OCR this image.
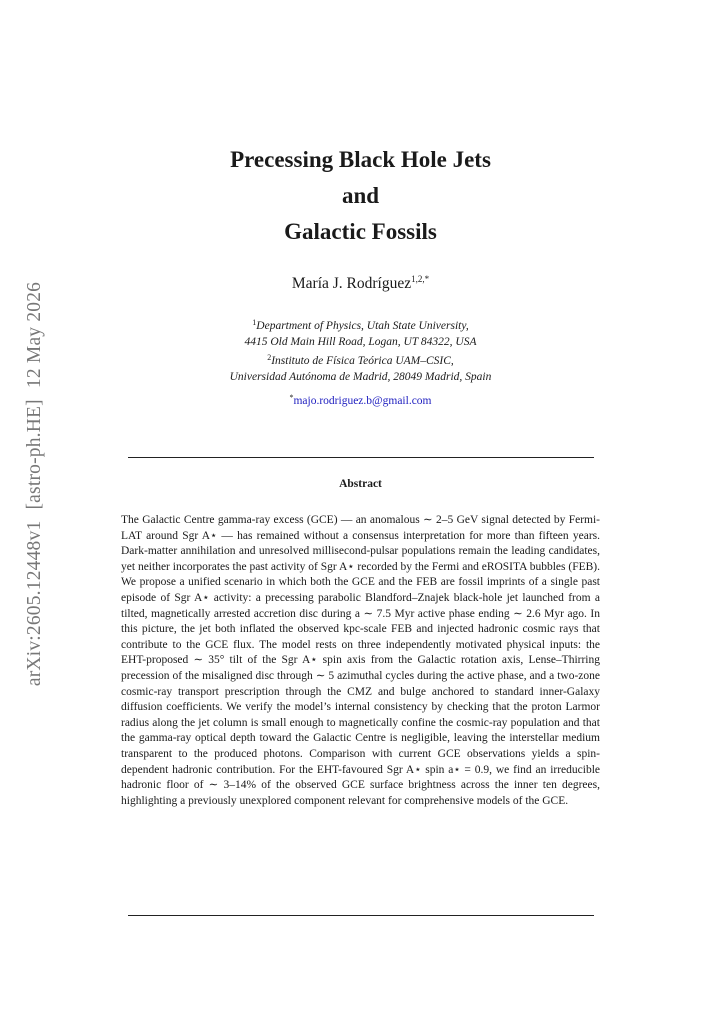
arXiv:2605.12448v1 [astro-ph.HE] 12 May 2026
Precessing Black Hole Jets
and
Galactic Fossils
María J. Rodríguez$^{1,2,*}$
$^1$Department of Physics, Utah State University,
4415 Old Main Hill Road, Logan, UT 84322, USA
$^2$Instituto de Física Teórica UAM–CSIC,
Universidad Autónoma de Madrid, 28049 Madrid, Spain
*majo.rodriguez.b@gmail.com
Abstract

The Galactic Centre gamma-ray excess (GCE) — an anomalous ∼ 2–5 GeV signal detected by Fermi-LAT around Sgr A⋆ — has remained without a consensus interpretation for more than fifteen years. Dark-matter annihilation and unresolved millisecond-pulsar populations remain the leading candidates, yet neither incorporates the past activity of Sgr A⋆ recorded by the Fermi and eROSITA bubbles (FEB). We propose a unified scenario in which both the GCE and the FEB are fossil imprints of a single past episode of Sgr A⋆ activity: a precessing parabolic Blandford–Znajek black-hole jet launched from a tilted, magnetically arrested accretion disc during a ∼ 7.5 Myr active phase ending ∼ 2.6 Myr ago. In this picture, the jet both inflated the observed kpc-scale FEB and injected hadronic cosmic rays that contribute to the GCE flux. The model rests on three independently motivated physical inputs: the EHT-proposed ∼ 35° tilt of the Sgr A⋆ spin axis from the Galactic rotation axis, Lense–Thirring precession of the misaligned disc through ∼ 5 azimuthal cycles during the active phase, and a two-zone cosmic-ray transport prescription through the CMZ and bulge anchored to standard inner-Galaxy diffusion coefficients. We verify the model’s internal consistency by checking that the proton Larmor radius along the jet column is small enough to magnetically confine the cosmic-ray population and that the gamma-ray optical depth toward the Galactic Centre is negligible, leaving the interstellar medium transparent to the produced photons. Comparison with current GCE observations yields a spin-dependent hadronic contribution. For the EHT-favoured Sgr A⋆ spin a⋆ = 0.9, we find an irreducible hadronic floor of ∼ 3–14% of the observed GCE surface brightness across the inner ten degrees, highlighting a previously unexplored component relevant for comprehensive models of the GCE.
